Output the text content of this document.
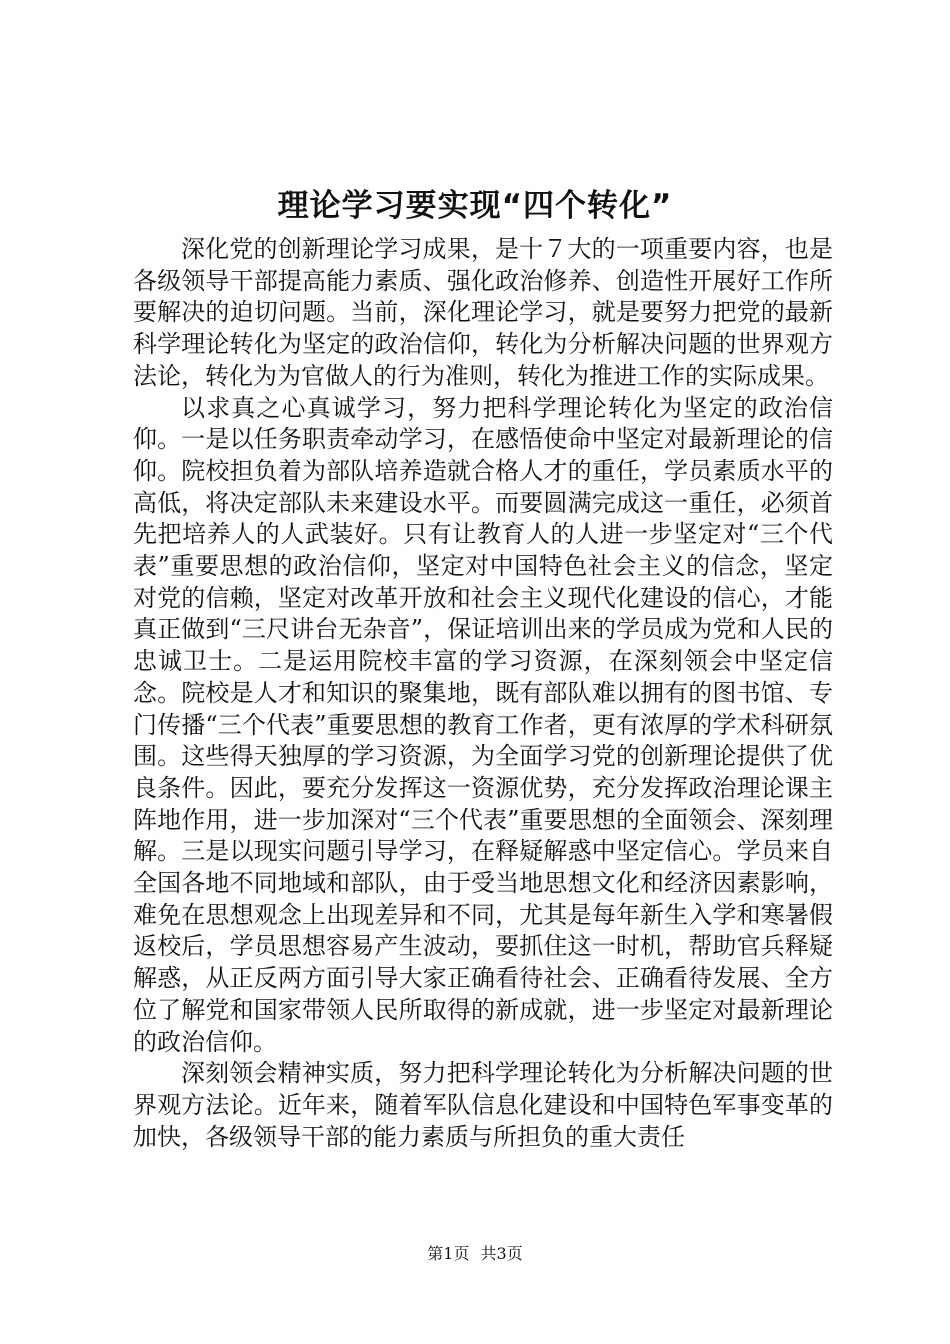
理论学习要实现“四个转化”

深化党的创新理论学习成果，是十７大的一项重要内容，也是各级领导干部提高能力素质、强化政治修养、创造性开展好工作所要解决的迫切问题。当前，深化理论学习，就是要努力把党的最新科学理论转化为坚定的政治信仰，转化为分析解决问题的世界观方法论，转化为为官做人的行为准则，转化为推进工作的实际成果。

以求真之心真诚学习，努力把科学理论转化为坚定的政治信仰。一是以任务职责牵动学习，在感悟使命中坚定对最新理论的信仰。院校担负着为部队培养造就合格人才的重任，学员素质水平的高低，将决定部队未来建设水平。而要圆满完成这一重任，必须首先把培养人的人武装好。只有让教育人的人进一步坚定对“三个代表”重要思想的政治信仰，坚定对中国特色社会主义的信念，坚定对党的信赖，坚定对改革开放和社会主义现代化建设的信心，才能真正做到“三尺讲台无杂音”，保证培训出来的学员成为党和人民的忠诚卫士。二是运用院校丰富的学习资源，在深刻领会中坚定信念。院校是人才和知识的聚集地，既有部队难以拥有的图书馆、专门传播“三个代表”重要思想的教育工作者，更有浓厚的学术科研氛围。这些得天独厚的学习资源，为全面学习党的创新理论提供了优良条件。因此，要充分发挥这一资源优势，充分发挥政治理论课主阵地作用，进一步加深对“三个代表”重要思想的全面领会、深刻理解。三是以现实问题引导学习，在释疑解惑中坚定信心。学员来自全国各地不同地域和部队，由于受当地思想文化和经济因素影响，难免在思想观念上出现差异和不同，尤其是每年新生入学和寒暑假返校后，学员思想容易产生波动，要抓住这一时机，帮助官兵释疑解惑，从正反两方面引导大家正确看待社会、正确看待发展、全方位了解党和国家带领人民所取得的新成就，进一步坚定对最新理论的政治信仰。

深刻领会精神实质，努力把科学理论转化为分析解决问题的世界观方法论。近年来，随着军队信息化建设和中国特色军事变革的加快，各级领导干部的能力素质与所担负的重大责任

第1页 共3页
